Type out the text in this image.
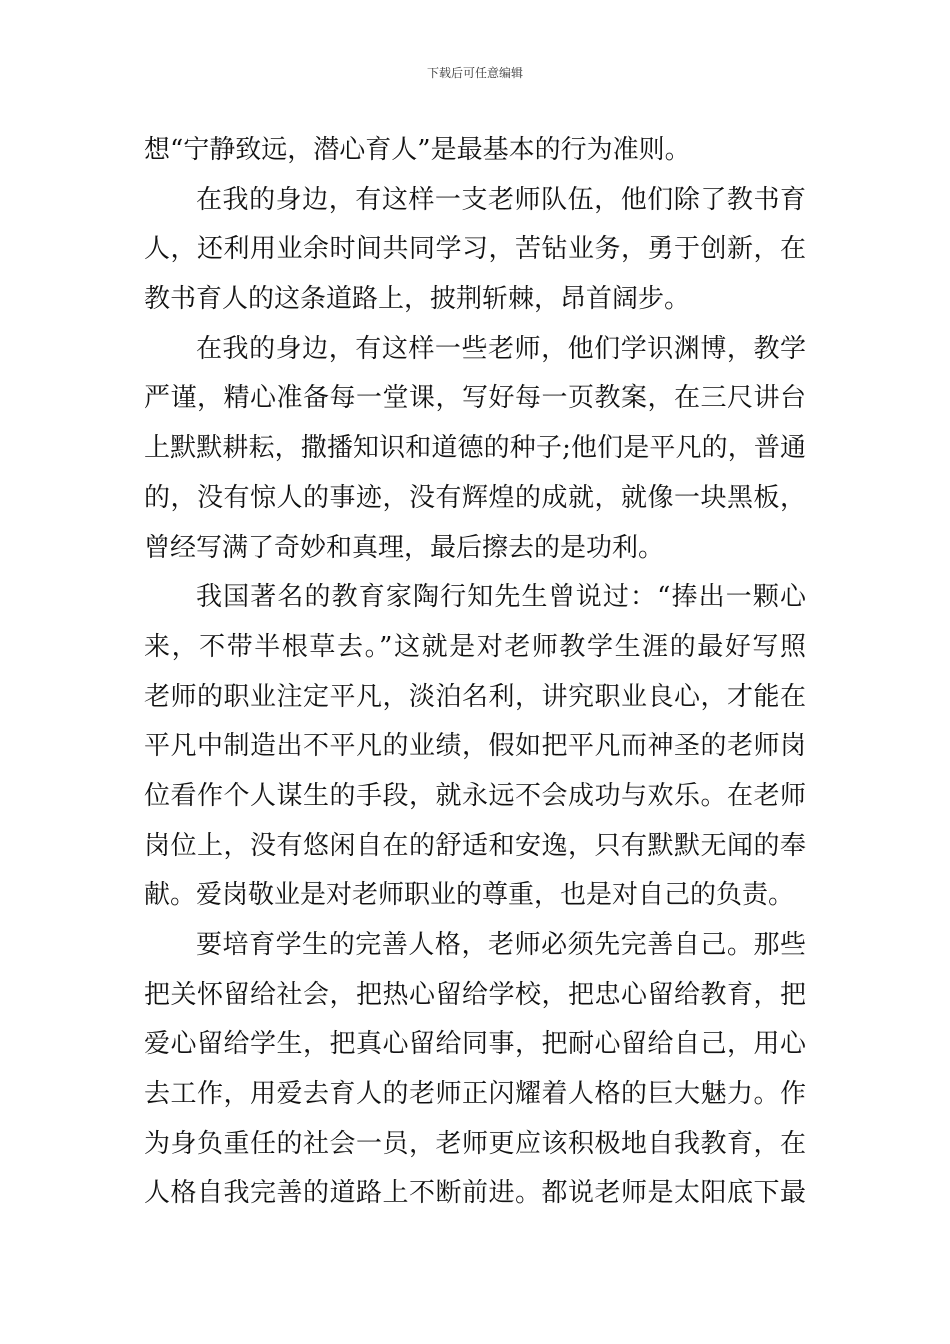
下载后可任意编辑
想“宁静致远，潜心育人”是最基本的行为准则。
在我的身边，有这样一支老师队伍，他们除了教书育
人，还利用业余时间共同学习，苦钻业务，勇于创新，在
教书育人的这条道路上，披荆斩棘，昂首阔步。
在我的身边，有这样一些老师，他们学识渊博，教学
严谨，精心准备每一堂课，写好每一页教案，在三尺讲台
上默默耕耘，撒播知识和道德的种子;他们是平凡的，普通
的，没有惊人的事迹，没有辉煌的成就，就像一块黑板，
曾经写满了奇妙和真理，最后擦去的是功利。
我国著名的教育家陶行知先生曾说过：“捧出一颗心
来，不带半根草去。”这就是对老师教学生涯的最好写照
老师的职业注定平凡，淡泊名利，讲究职业良心，才能在
平凡中制造出不平凡的业绩，假如把平凡而神圣的老师岗
位看作个人谋生的手段，就永远不会成功与欢乐。在老师
岗位上，没有悠闲自在的舒适和安逸，只有默默无闻的奉
献。爱岗敬业是对老师职业的尊重，也是对自己的负责。
要培育学生的完善人格，老师必须先完善自己。那些
把关怀留给社会，把热心留给学校，把忠心留给教育，把
爱心留给学生，把真心留给同事，把耐心留给自己，用心
去工作，用爱去育人的老师正闪耀着人格的巨大魅力。作
为身负重任的社会一员，老师更应该积极地自我教育，在
人格自我完善的道路上不断前进。都说老师是太阳底下最
